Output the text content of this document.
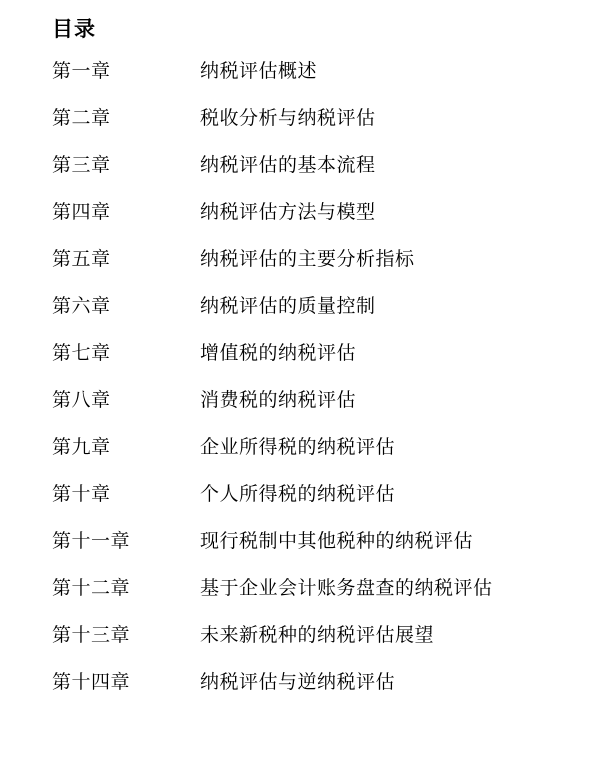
目录
第一章	纳税评估概述
第二章	税收分析与纳税评估
第三章	纳税评估的基本流程
第四章	纳税评估方法与模型
第五章	纳税评估的主要分析指标
第六章	纳税评估的质量控制
第七章	增值税的纳税评估
第八章	消费税的纳税评估
第九章	企业所得税的纳税评估
第十章	个人所得税的纳税评估
第十一章	现行税制中其他税种的纳税评估
第十二章	基于企业会计账务盘查的纳税评估
第十三章	未来新税种的纳税评估展望
第十四章	纳税评估与逆纳税评估
